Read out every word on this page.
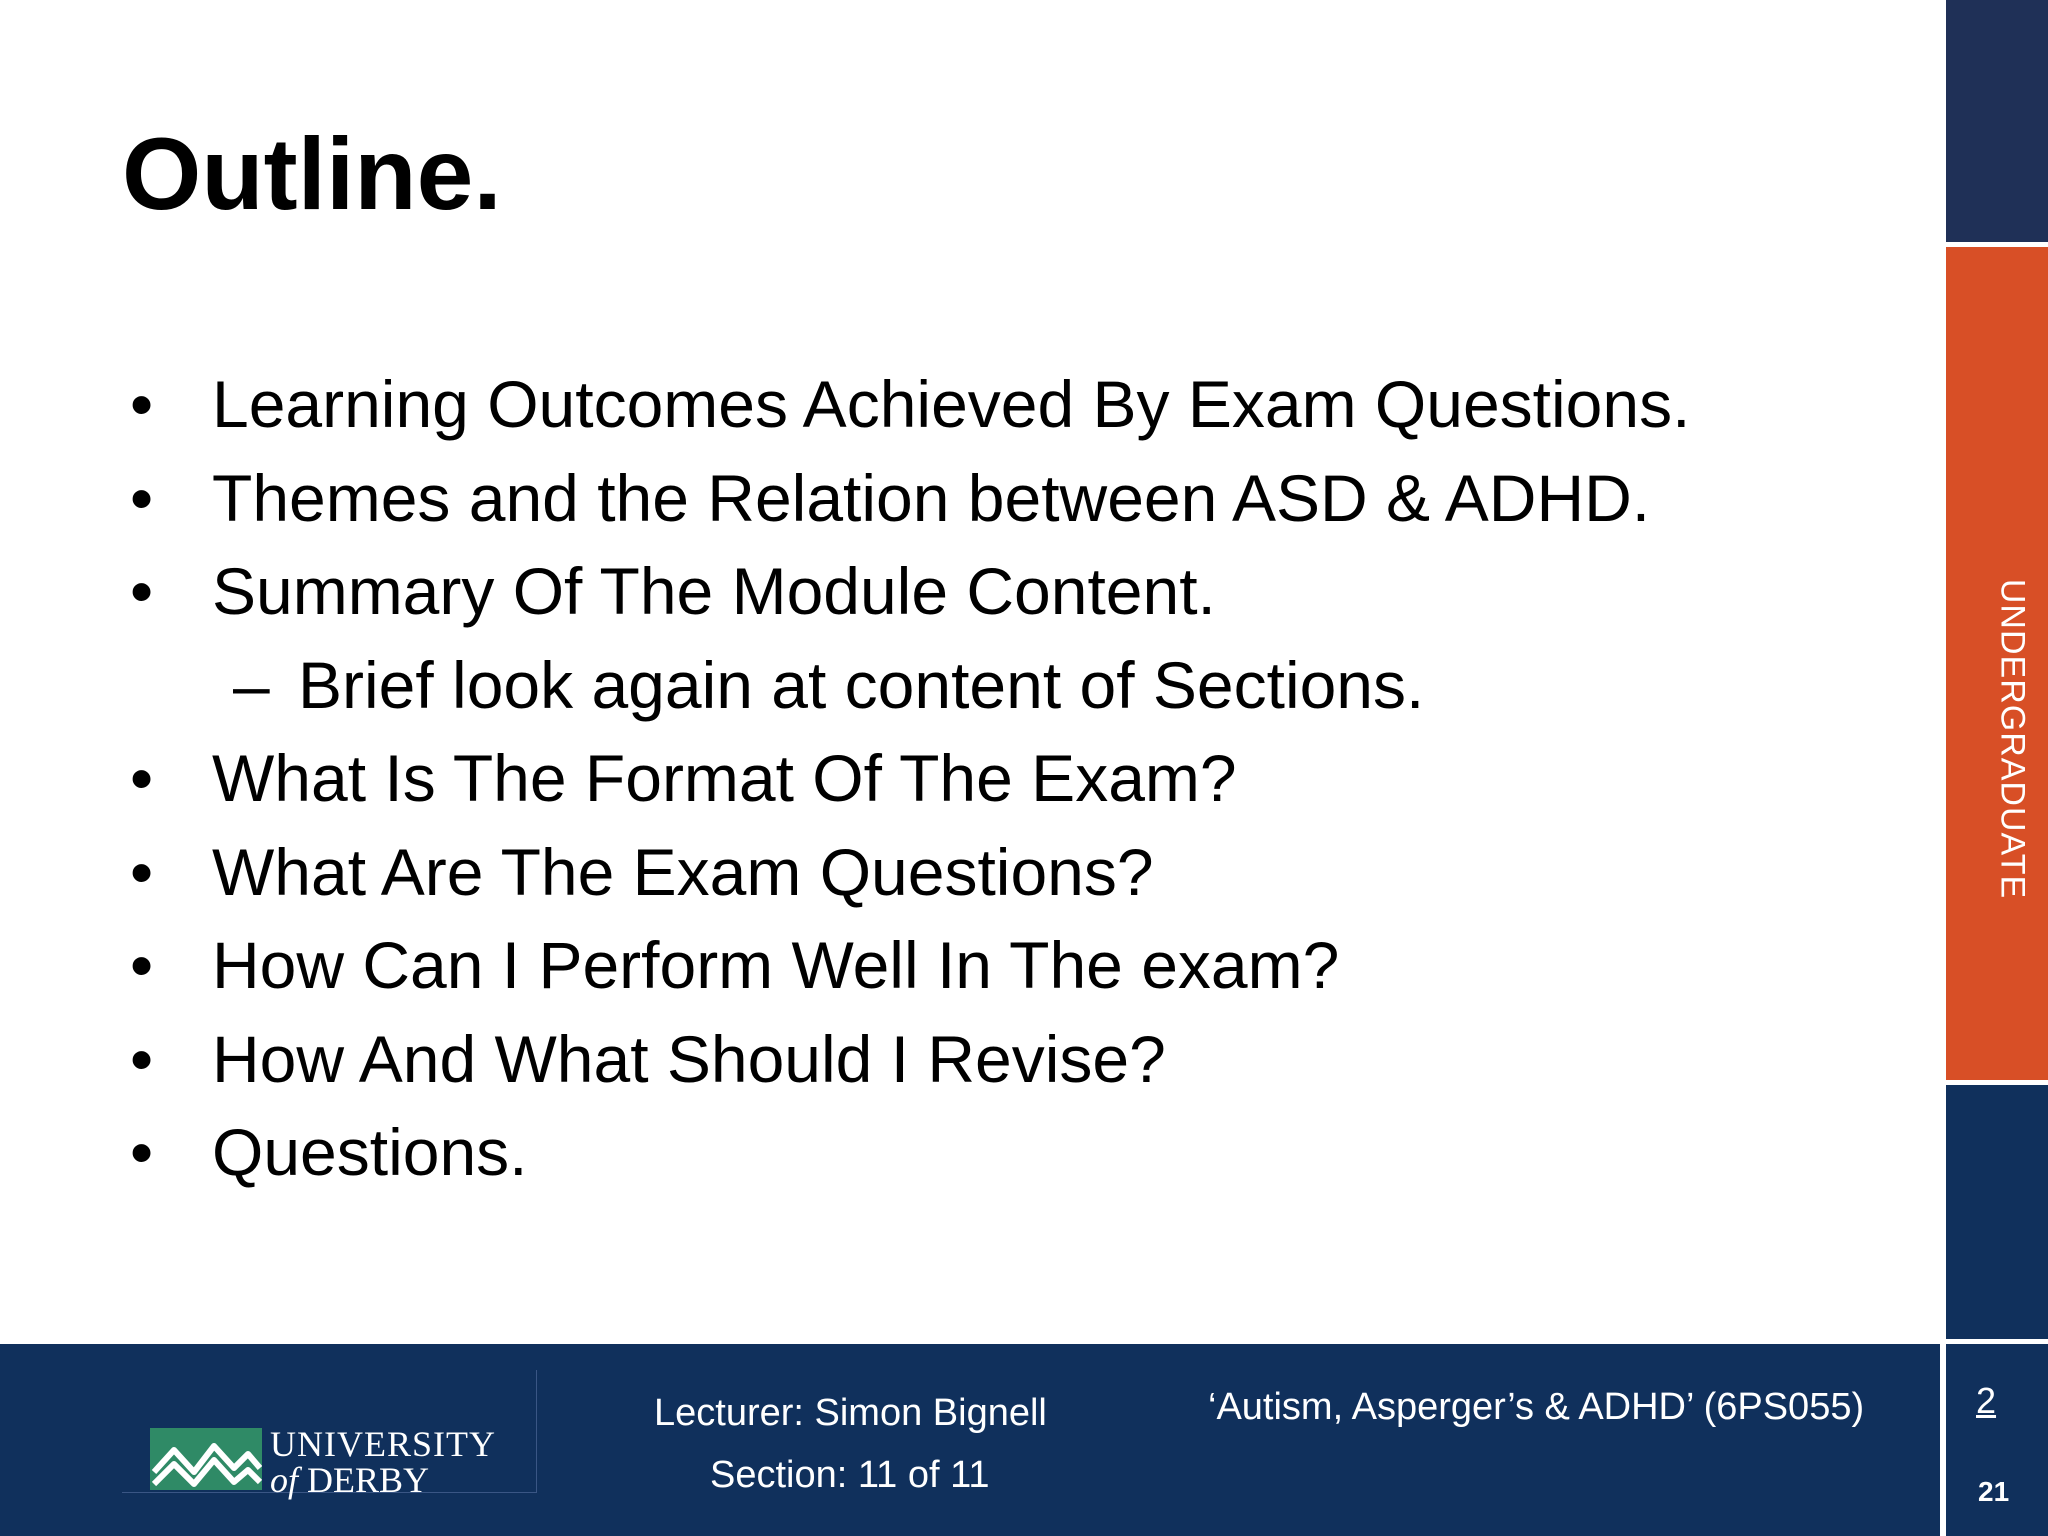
Outline.
• Learning Outcomes Achieved By Exam Questions.
• Themes and the Relation between ASD & ADHD.
• Summary Of The Module Content.
– Brief look again at content of Sections.
• What Is The Format Of The Exam?
• What Are The Exam Questions?
• How Can I Perform Well In The exam?
• How And What Should I Revise?
• Questions.
UNDERGRADUATE
2
21
UNIVERSITY
of DERBY
Lecturer: Simon Bignell
Section: 11 of 11
‘Autism, Asperger’s & ADHD’ (6PS055)
